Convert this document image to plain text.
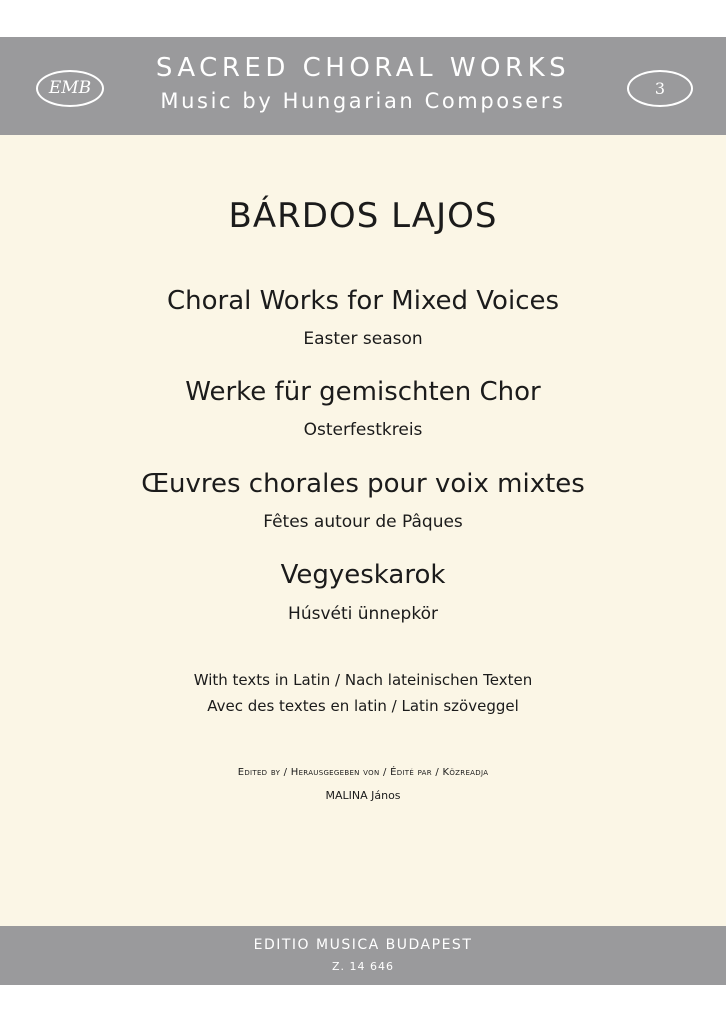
EMB
SACRED CHORAL WORKS
Music by Hungarian Composers
3
BÁRDOS LAJOS
Choral Works for Mixed Voices
Easter season
Werke für gemischten Chor
Osterfestkreis
Œuvres chorales pour voix mixtes
Fêtes autour de Pâques
Vegyeskarok
Húsvéti ünnepkör
With texts in Latin / Nach lateinischen Texten
Avec des textes en latin / Latin szöveggel
Edited by / Herausgegeben von / Édité par / Közreadja
MALINA János
EDITIO MUSICA BUDAPEST
Z. 14 646
